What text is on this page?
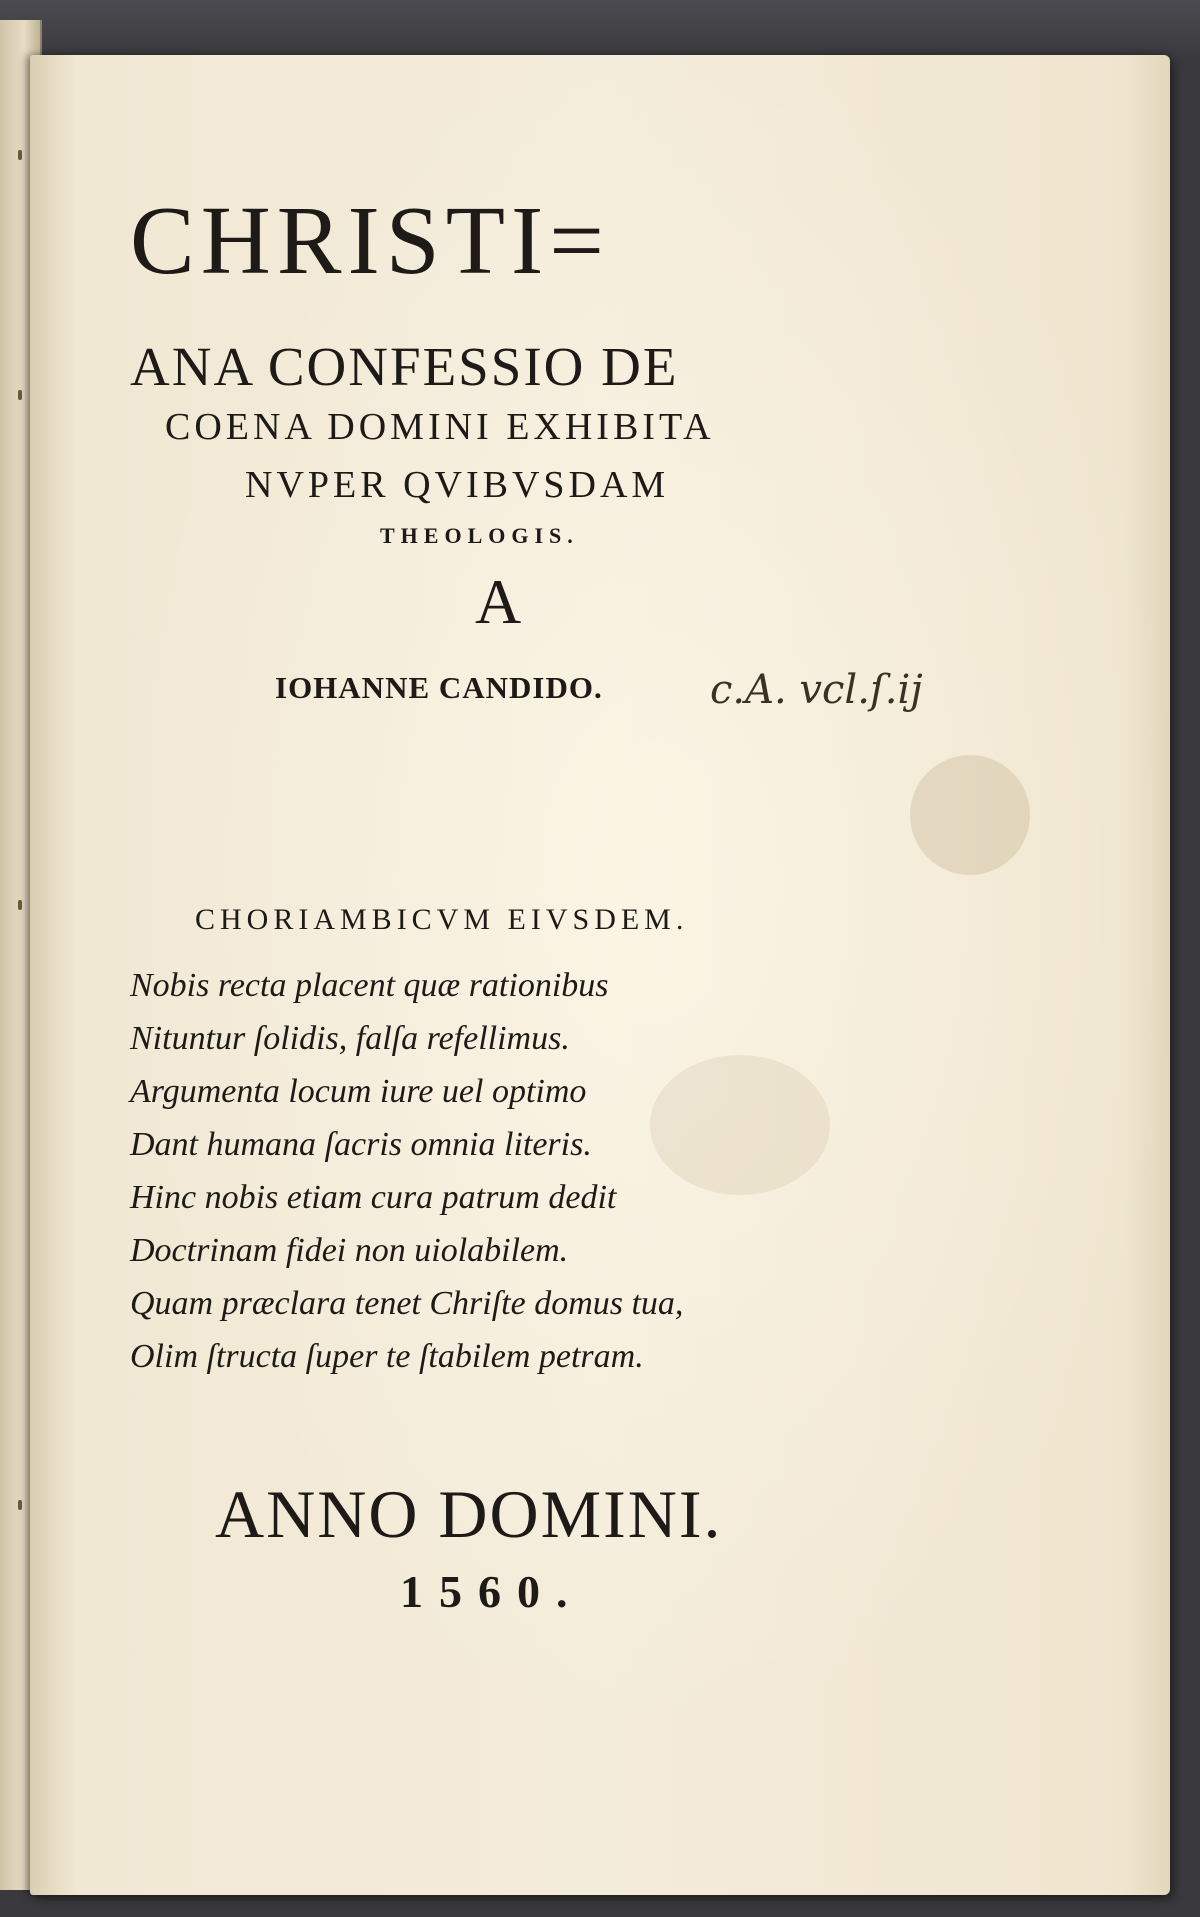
CHRISTI=
ANA CONFESSIO DE
COENA DOMINI EXHIBITA
NVPER QVIBVSDAM
THEOLOGIS.
A
IOHANNE CANDIDO.	c.A. vcl.ſ.ij
CHORIAMBICVM EIVSDEM.
Nobis recta placent quæ rationibus
Nituntur ſolidis, falſa refellimus.
Argumenta locum iure uel optimo
Dant humana ſacris omnia literis.
Hinc nobis etiam cura patrum dedit
Doctrinam fidei non uiolabilem.
Quam præclara tenet Chriſte domus tua,
Olim ſtructa ſuper te ſtabilem petram.
ANNO DOMINI.
1560.
